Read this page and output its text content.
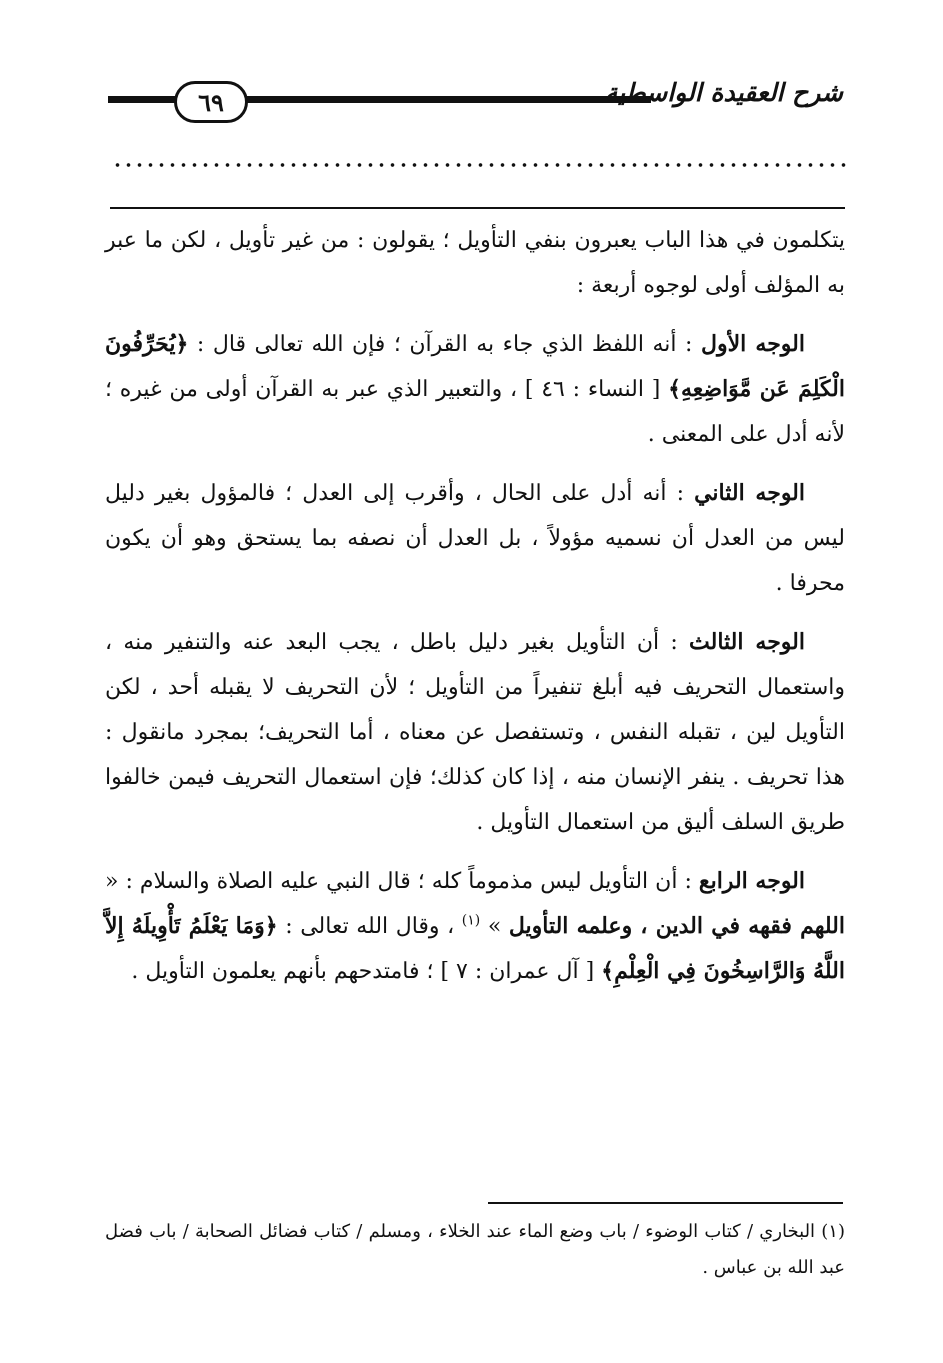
٦٩	شرح العقيدة الواسطية

يتكلمون في هذا الباب يعبرون بنفي التأويل ؛ يقولون : من غير تأويل ، لكن ما عبر به المؤلف أولى لوجوه أربعة :

الوجه الأول : أنه اللفظ الذي جاء به القرآن ؛ فإن الله تعالى قال : ﴿يُحَرِّفُونَ الْكَلِمَ عَن مَّوَاضِعِهِ﴾ [ النساء : ٤٦ ] ، والتعبير الذي عبر به القرآن أولى من غيره ؛ لأنه أدل على المعنى .

الوجه الثاني : أنه أدل على الحال ، وأقرب إلى العدل ؛ فالمؤول بغير دليل ليس من العدل أن نسميه مؤولاً ، بل العدل أن نصفه بما يستحق وهو أن يكون محرفا .

الوجه الثالث : أن التأويل بغير دليل باطل ، يجب البعد عنه والتنفير منه ، واستعمال التحريف فيه أبلغ تنفيراً من التأويل ؛ لأن التحريف لا يقبله أحد ، لكن التأويل لين ، تقبله النفس ، وتستفصل عن معناه ، أما التحريف؛ بمجرد مانقول : هذا تحريف . ينفر الإنسان منه ، إذا كان كذلك؛ فإن استعمال التحريف فيمن خالفوا طريق السلف أليق من استعمال التأويل .

الوجه الرابع : أن التأويل ليس مذموماً كله ؛ قال النبي عليه الصلاة والسلام : « اللهم فقهه في الدين ، وعلمه التأويل » $^{(١)}$ ، وقال الله تعالى : ﴿وَمَا يَعْلَمُ تَأْوِيلَهُ إِلاَّ اللَّهُ وَالرَّاسِخُونَ فِي الْعِلْمِ﴾ [ آل عمران : ٧ ] ؛ فامتدحهم بأنهم يعلمون التأويل .

(١) البخاري / كتاب الوضوء / باب وضع الماء عند الخلاء ، ومسلم / كتاب فضائل الصحابة / باب فضل عبد الله بن عباس .
